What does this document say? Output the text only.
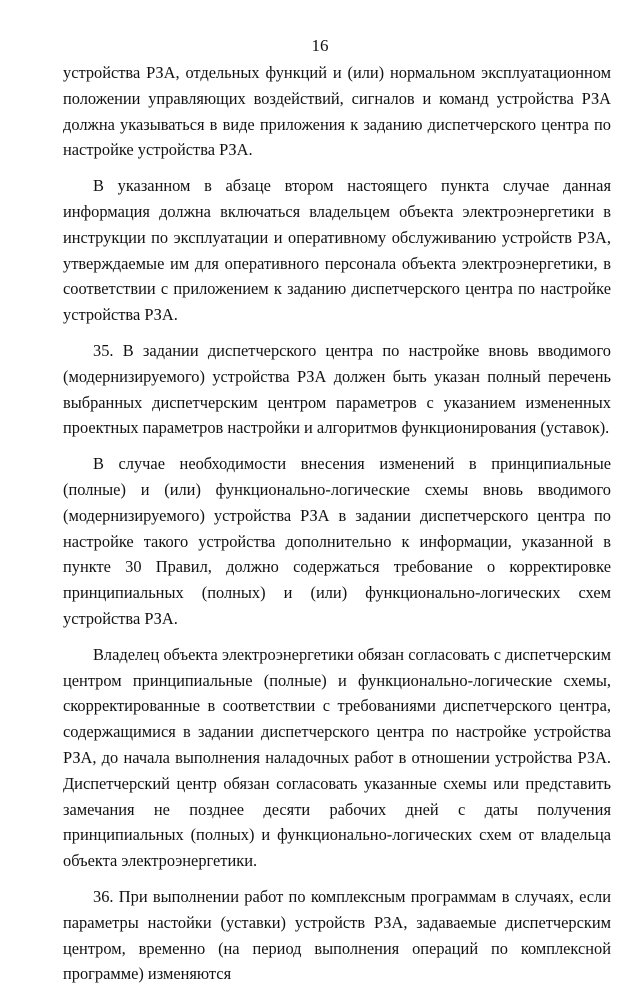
16

устройства РЗА, отдельных функций и (или) нормальном эксплуатационном положении управляющих воздействий, сигналов и команд устройства РЗА должна указываться в виде приложения к заданию диспетчерского центра по настройке устройства РЗА.

В указанном в абзаце втором настоящего пункта случае данная информация должна включаться владельцем объекта электроэнергетики в инструкции по эксплуатации и оперативному обслуживанию устройств РЗА, утверждаемые им для оперативного персонала объекта электроэнергетики, в соответствии с приложением к заданию диспетчерского центра по настройке устройства РЗА.

35. В задании диспетчерского центра по настройке вновь вводимого (модернизируемого) устройства РЗА должен быть указан полный перечень выбранных диспетчерским центром параметров с указанием измененных проектных параметров настройки и алгоритмов функционирования (уставок).

В случае необходимости внесения изменений в принципиальные (полные) и (или) функционально-логические схемы вновь вводимого (модернизируемого) устройства РЗА в задании диспетчерского центра по настройке такого устройства дополнительно к информации, указанной в пункте 30 Правил, должно содержаться требование о корректировке принципиальных (полных) и (или) функционально-логических схем устройства РЗА.

Владелец объекта электроэнергетики обязан согласовать с диспетчерским центром принципиальные (полные) и функционально-логические схемы, скорректированные в соответствии с требованиями диспетчерского центра, содержащимися в задании диспетчерского центра по настройке устройства РЗА, до начала выполнения наладочных работ в отношении устройства РЗА. Диспетчерский центр обязан согласовать указанные схемы или представить замечания не позднее десяти рабочих дней с даты получения принципиальных (полных) и функционально-логических схем от владельца объекта электроэнергетики.

36. При выполнении работ по комплексным программам в случаях, если параметры настойки (уставки) устройств РЗА, задаваемые диспетчерским центром, временно (на период выполнения операций по комплексной программе) изменяются
